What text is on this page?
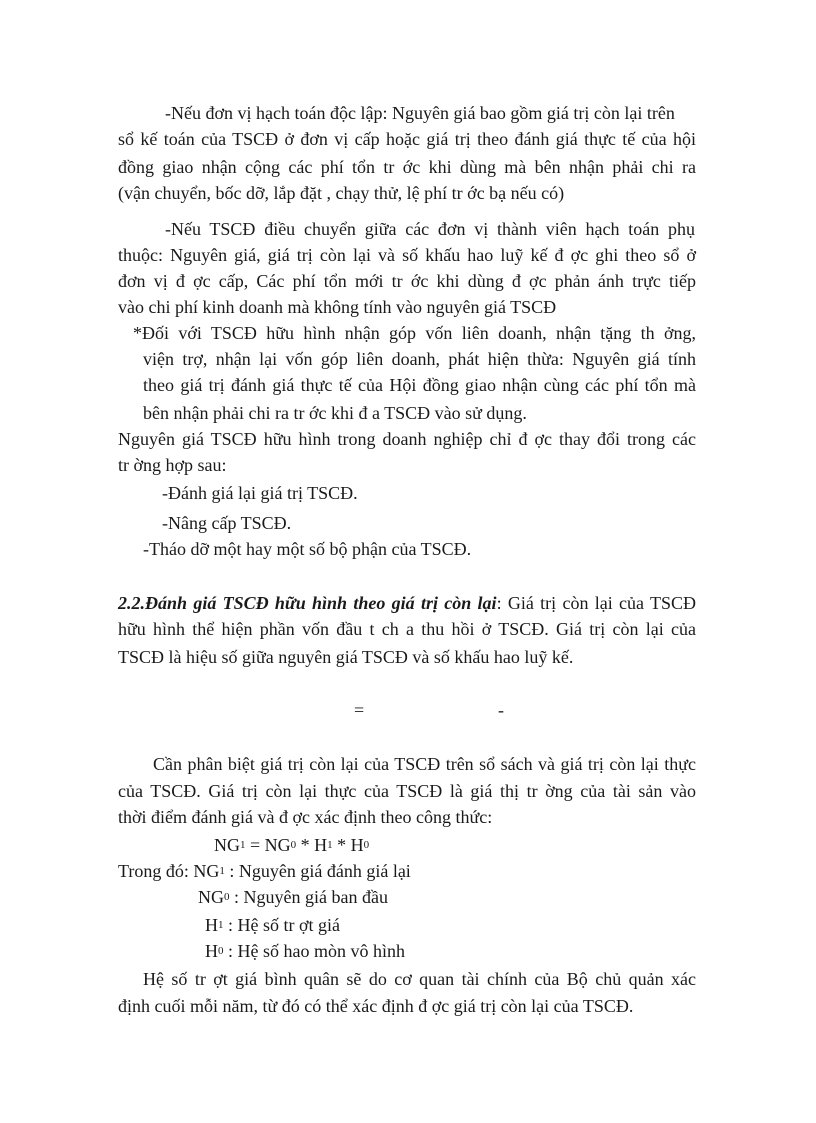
-Nếu đơn vị hạch toán độc lập: Nguyên giá bao gồm giá trị còn lại trên
sổ kế toán của TSCĐ ở đơn vị cấp hoặc giá trị theo đánh giá thực tế của hội
đồng giao nhận cộng các phí tổn tr ớc khi dùng mà bên nhận phải chi ra
(vận chuyển, bốc dỡ, lắp đặt , chạy thử, lệ phí tr ớc bạ nếu có)
-Nếu TSCĐ điều chuyển giữa các đơn vị thành viên hạch toán phụ
thuộc: Nguyên giá, giá trị còn lại và số khấu hao luỹ kế đ ợc ghi theo sổ ở
đơn vị đ ợc cấp, Các phí tổn mới tr ớc khi dùng đ ợc phản ánh trực tiếp
vào chi phí kinh doanh mà không tính vào nguyên giá TSCĐ
*Đối với TSCĐ hữu hình nhận góp vốn liên doanh, nhận tặng th ởng,
viện trợ, nhận lại vốn góp liên doanh, phát hiện thừa: Nguyên giá tính
theo giá trị đánh giá thực tế của Hội đồng giao nhận cùng các phí tổn mà
bên nhận phải chi ra tr ớc khi đ a TSCĐ vào sử dụng.
Nguyên giá TSCĐ hữu hình trong doanh nghiệp chỉ đ ợc thay đổi trong các
tr ờng hợp sau:
-Đánh giá lại giá trị TSCĐ.
-Nâng cấp TSCĐ.
-Tháo dỡ một hay một số bộ phận của TSCĐ.
2.2.Đánh giá TSCĐ hữu hình theo giá trị còn lại: Giá trị còn lại của TSCĐ
hữu hình thể hiện phần vốn đầu t ch a thu hồi ở TSCĐ. Giá trị còn lại của
TSCĐ là hiệu số giữa nguyên giá TSCĐ và số khấu hao luỹ kế.
=	-
Cần phân biệt giá trị còn lại của TSCĐ trên sổ sách và giá trị còn lại thực
của TSCĐ. Giá trị còn lại thực của TSCĐ là giá thị tr ờng của tài sản vào
thời điểm đánh giá và đ ợc xác định theo công thức:
$NG_1 = NG_0 * H_1 * H_0$
Trong đó: $NG_1$ : Nguyên giá đánh giá lại
$NG_0$ : Nguyên giá ban đầu
$H_1$ : Hệ số tr ợt giá
$H_0$ : Hệ số hao mòn vô hình
Hệ số tr ợt giá bình quân sẽ do cơ quan tài chính của Bộ chủ quản xác
định cuối mỗi năm, từ đó có thể xác định đ ợc giá trị còn lại của TSCĐ.
